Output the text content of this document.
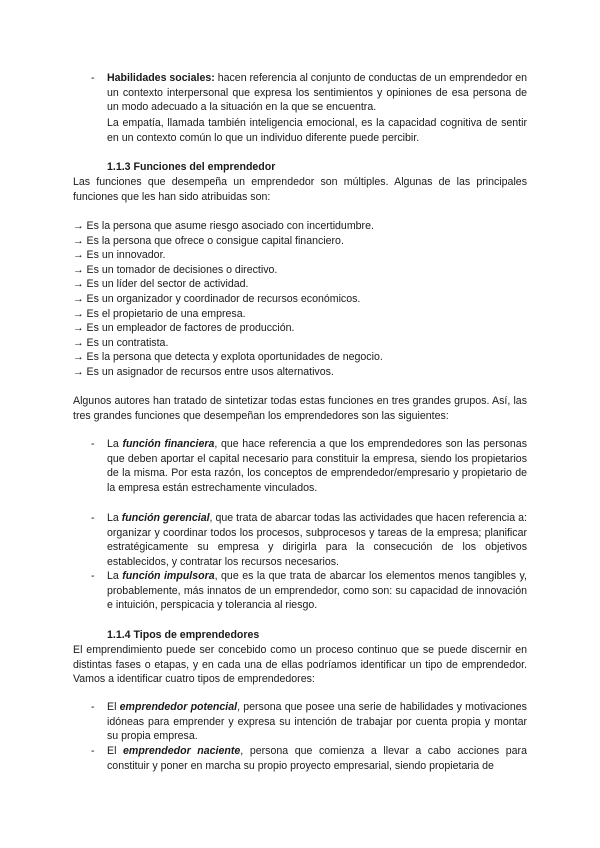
- Habilidades sociales: hacen referencia al conjunto de conductas de un emprendedor en un contexto interpersonal que expresa los sentimientos y opiniones de esa persona de un modo adecuado a la situación en la que se encuentra.
La empatía, llamada también inteligencia emocional, es la capacidad cognitiva de sentir en un contexto común lo que un individuo diferente puede percibir.
1.1.3 Funciones del emprendedor
Las funciones que desempeña un emprendedor son múltiples. Algunas de las principales funciones que les han sido atribuidas son:
→ Es la persona que asume riesgo asociado con incertidumbre.
→ Es la persona que ofrece o consigue capital financiero.
→ Es un innovador.
→ Es un tomador de decisiones o directivo.
→ Es un líder del sector de actividad.
→ Es un organizador y coordinador de recursos económicos.
→ Es el propietario de una empresa.
→ Es un empleador de factores de producción.
→ Es un contratista.
→ Es la persona que detecta y explota oportunidades de negocio.
→ Es un asignador de recursos entre usos alternativos.
Algunos autores han tratado de sintetizar todas estas funciones en tres grandes grupos. Así, las tres grandes funciones que desempeñan los emprendedores son las siguientes:
- La función financiera, que hace referencia a que los emprendedores son las personas que deben aportar el capital necesario para constituir la empresa, siendo los propietarios de la misma. Por esta razón, los conceptos de emprendedor/empresario y propietario de la empresa están estrechamente vinculados.
- La función gerencial, que trata de abarcar todas las actividades que hacen referencia a: organizar y coordinar todos los procesos, subprocesos y tareas de la empresa; planificar estratégicamente su empresa y dirigirla para la consecución de los objetivos establecidos, y contratar los recursos necesarios.
- La función impulsora, que es la que trata de abarcar los elementos menos tangibles y, probablemente, más innatos de un emprendedor, como son: su capacidad de innovación e intuición, perspicacia y tolerancia al riesgo.
1.1.4 Tipos de emprendedores
El emprendimiento puede ser concebido como un proceso continuo que se puede discernir en distintas fases o etapas, y en cada una de ellas podríamos identificar un tipo de emprendedor. Vamos a identificar cuatro tipos de emprendedores:
- El emprendedor potencial, persona que posee una serie de habilidades y motivaciones idóneas para emprender y expresa su intención de trabajar por cuenta propia y montar su propia empresa.
- El emprendedor naciente, persona que comienza a llevar a cabo acciones para constituir y poner en marcha su propio proyecto empresarial, siendo propietaria de
